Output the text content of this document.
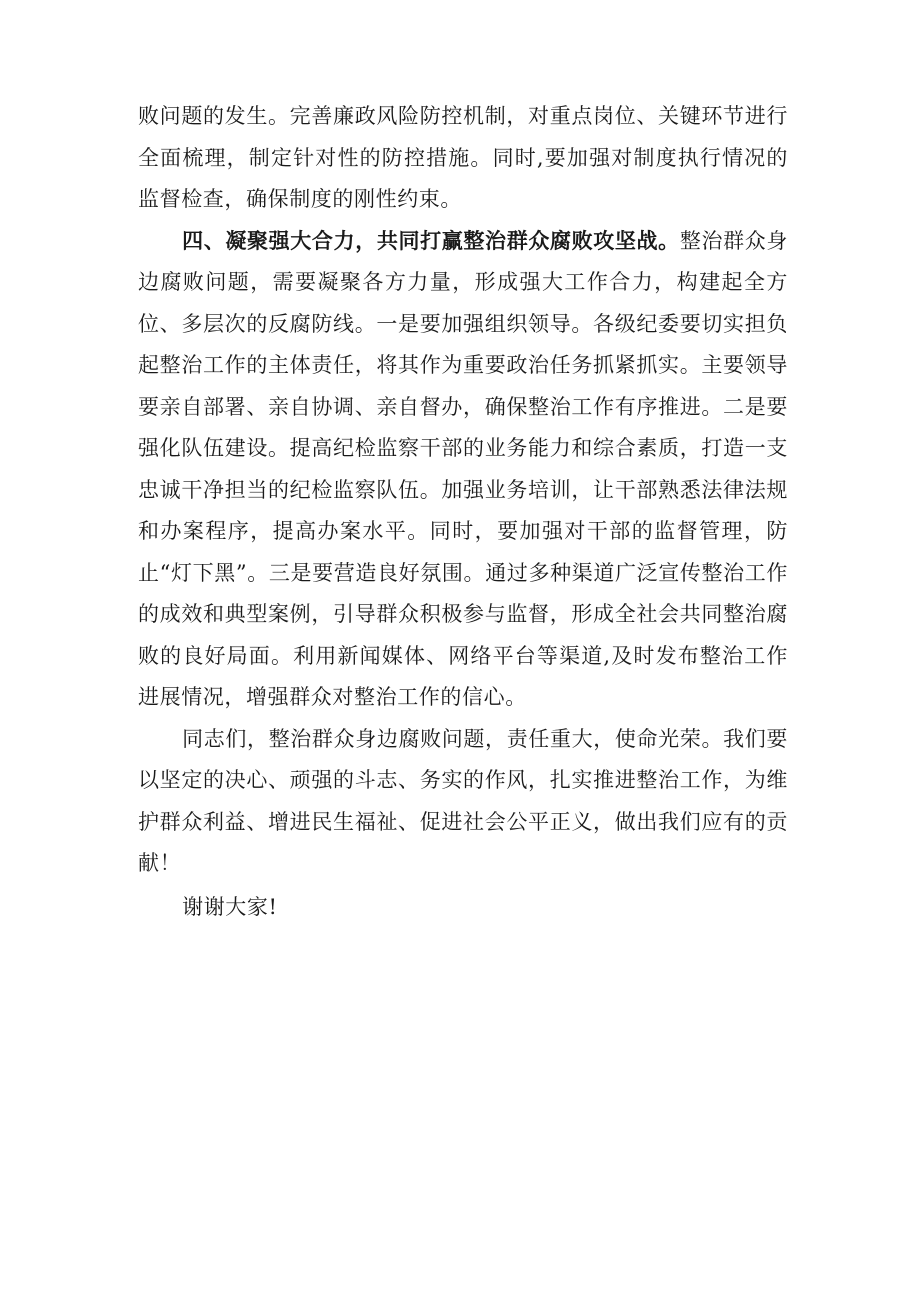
败问题的发生。完善廉政风险防控机制，对重点岗位、关键环节进行全面梳理，制定针对性的防控措施。同时,要加强对制度执行情况的监督检查，确保制度的刚性约束。

四、凝聚强大合力，共同打赢整治群众腐败攻坚战。整治群众身边腐败问题，需要凝聚各方力量，形成强大工作合力，构建起全方位、多层次的反腐防线。一是要加强组织领导。各级纪委要切实担负起整治工作的主体责任，将其作为重要政治任务抓紧抓实。主要领导要亲自部署、亲自协调、亲自督办，确保整治工作有序推进。二是要强化队伍建设。提高纪检监察干部的业务能力和综合素质，打造一支忠诚干净担当的纪检监察队伍。加强业务培训，让干部熟悉法律法规和办案程序，提高办案水平。同时，要加强对干部的监督管理，防止“灯下黑”。三是要营造良好氛围。通过多种渠道广泛宣传整治工作的成效和典型案例，引导群众积极参与监督，形成全社会共同整治腐败的良好局面。利用新闻媒体、网络平台等渠道,及时发布整治工作进展情况，增强群众对整治工作的信心。

同志们，整治群众身边腐败问题，责任重大，使命光荣。我们要以坚定的决心、顽强的斗志、务实的作风，扎实推进整治工作，为维护群众利益、增进民生福祉、促进社会公平正义，做出我们应有的贡献！

谢谢大家!
